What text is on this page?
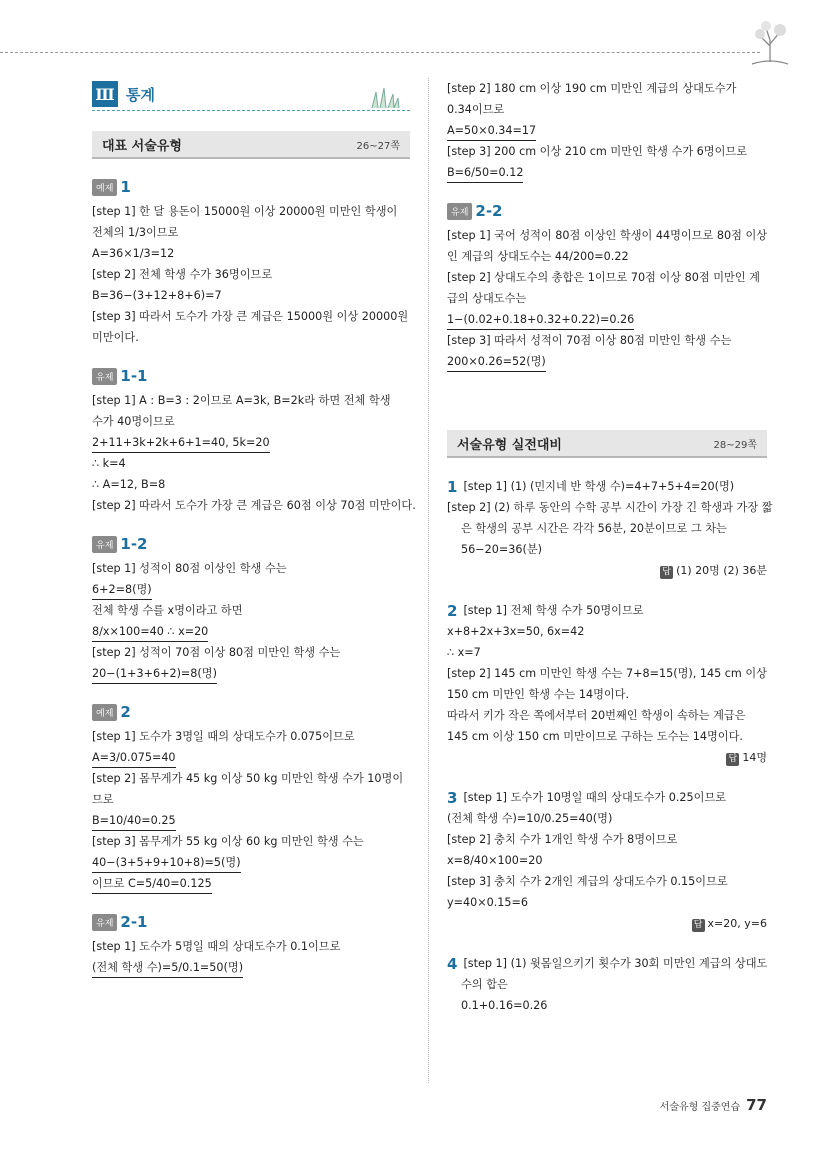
Ⅲ 통계
대표 서술유형	26~27쪽
예제 1
[step 1] 한 달 용돈이 15000원 이상 20000원 미만인 학생이
전체의 1/3이므로
A=36×1/3=12
[step 2] 전체 학생 수가 36명이므로
B=36−(3+12+8+6)=7
[step 3] 따라서 도수가 가장 큰 계급은 15000원 이상 20000원
미만이다.
유제 1-1
[step 1] A : B=3 : 2이므로 A=3k, B=2k라 하면 전체 학생
수가 40명이므로
2+11+3k+2k+6+1=40, 5k=20
∴ k=4
∴ A=12, B=8
[step 2] 따라서 도수가 가장 큰 계급은 60점 이상 70점 미만이다.
유제 1-2
[step 1] 성적이 80점 이상인 학생 수는
6+2=8(명)
전체 학생 수를 x명이라고 하면
8/x×100=40 ∴ x=20
[step 2] 성적이 70점 이상 80점 미만인 학생 수는
20−(1+3+6+2)=8(명)
예제 2
[step 1] 도수가 3명일 때의 상대도수가 0.075이므로
A=3/0.075=40
[step 2] 몸무게가 45 kg 이상 50 kg 미만인 학생 수가 10명이
므로
B=10/40=0.25
[step 3] 몸무게가 55 kg 이상 60 kg 미만인 학생 수는
40−(3+5+9+10+8)=5(명)
이므로 C=5/40=0.125
유제 2-1
[step 1] 도수가 5명일 때의 상대도수가 0.1이므로
(전체 학생 수)=5/0.1=50(명)
[step 2] 180 cm 이상 190 cm 미만인 계급의 상대도수가
0.34이므로
A=50×0.34=17
[step 3] 200 cm 이상 210 cm 미만인 학생 수가 6명이므로
B=6/50=0.12
유제 2-2
[step 1] 국어 성적이 80점 이상인 학생이 44명이므로 80점 이상
인 계급의 상대도수는 44/200=0.22
[step 2] 상대도수의 총합은 1이므로 70점 이상 80점 미만인 계
급의 상대도수는
1−(0.02+0.18+0.32+0.22)=0.26
[step 3] 따라서 성적이 70점 이상 80점 미만인 학생 수는
200×0.26=52(명)
서술유형 실전대비	28~29쪽
1 [step 1] (1) (민지네 반 학생 수)=4+7+5+4=20(명)
[step 2] (2) 하루 동안의 수학 공부 시간이 가장 긴 학생과 가장 짧
은 학생의 공부 시간은 각각 56분, 20분이므로 그 차는
56−20=36(분)
답 (1) 20명 (2) 36분
2 [step 1] 전체 학생 수가 50명이므로
x+8+2x+3x=50, 6x=42
∴ x=7
[step 2] 145 cm 미만인 학생 수는 7+8=15(명), 145 cm 이상
150 cm 미만인 학생 수는 14명이다.
따라서 키가 작은 쪽에서부터 20번째인 학생이 속하는 계급은
145 cm 이상 150 cm 미만이므로 구하는 도수는 14명이다.
답 14명
3 [step 1] 도수가 10명일 때의 상대도수가 0.25이므로
(전체 학생 수)=10/0.25=40(명)
[step 2] 충치 수가 1개인 학생 수가 8명이므로
x=8/40×100=20
[step 3] 충치 수가 2개인 계급의 상대도수가 0.15이므로
y=40×0.15=6
답 x=20, y=6
4 [step 1] (1) 윗몸일으키기 횟수가 30회 미만인 계급의 상대도
수의 합은
0.1+0.16=0.26
서술유형 집중연습 77
